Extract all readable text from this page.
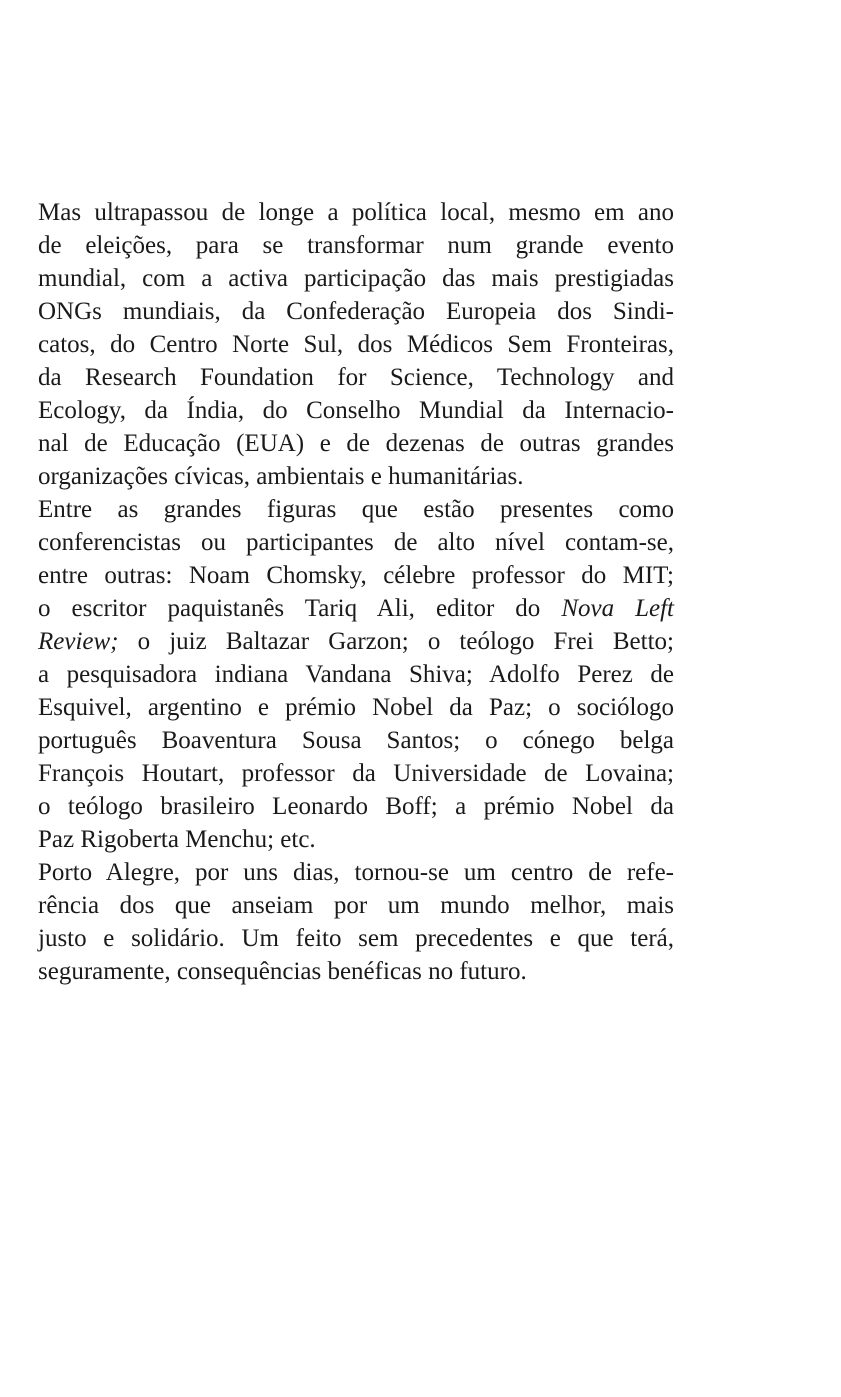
Mas ultrapassou de longe a política local, mesmo em ano
de eleições, para se transformar num grande evento
mundial, com a activa participação das mais prestigiadas
ONGs mundiais, da Confederação Europeia dos Sindi-
catos, do Centro Norte Sul, dos Médicos Sem Fronteiras,
da Research Foundation for Science, Technology and
Ecology, da Índia, do Conselho Mundial da Internacio-
nal de Educação (EUA) e de dezenas de outras grandes
organizações cívicas, ambientais e humanitárias.
Entre as grandes figuras que estão presentes como
conferencistas ou participantes de alto nível contam-se,
entre outras: Noam Chomsky, célebre professor do MIT;
o escritor paquistanês Tariq Ali, editor do Nova Left
Review; o juiz Baltazar Garzon; o teólogo Frei Betto;
a pesquisadora indiana Vandana Shiva; Adolfo Perez de
Esquivel, argentino e prémio Nobel da Paz; o sociólogo
português Boaventura Sousa Santos; o cónego belga
François Houtart, professor da Universidade de Lovaina;
o teólogo brasileiro Leonardo Boff; a prémio Nobel da
Paz Rigoberta Menchu; etc.
Porto Alegre, por uns dias, tornou-se um centro de refe-
rência dos que anseiam por um mundo melhor, mais
justo e solidário. Um feito sem precedentes e que terá,
seguramente, consequências benéficas no futuro.
